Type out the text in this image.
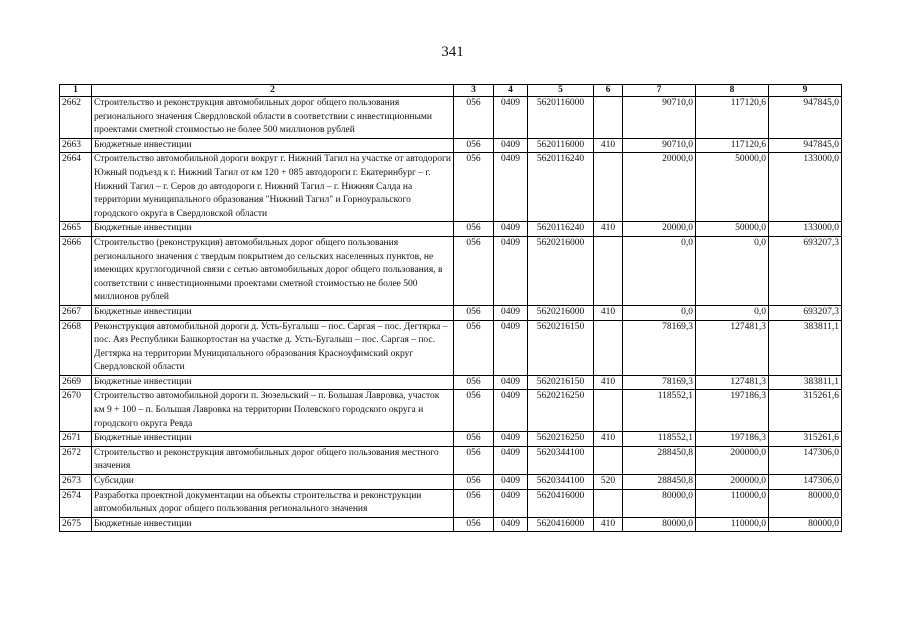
341
1	2	3	4	5	6	7	8	9
2662	Строительство и реконструкция автомобильных дорог общего пользования регионального значения Свердловской области в соответствии с инвестиционными проектами сметной стоимостью не более 500 миллионов рублей	056	0409	5620116000		90710,0	117120,6	947845,0
2663	Бюджетные инвестиции	056	0409	5620116000	410	90710,0	117120,6	947845,0
2664	Строительство автомобильной дороги вокруг г. Нижний Тагил на участке от автодороги Южный подъезд к г. Нижний Тагил от км 120 + 085 автодороги г. Екатеринбург – г. Нижний Тагил – г. Серов до автодороги г. Нижний Тагил – г. Нижняя Салда на территории муниципального образования "Нижний Тагил" и Горноуральского городского округа в Свердловской области	056	0409	5620116240		20000,0	50000,0	133000,0
2665	Бюджетные инвестиции	056	0409	5620116240	410	20000,0	50000,0	133000,0
2666	Строительство (реконструкция) автомобильных дорог общего пользования регионального значения с твердым покрытием до сельских населенных пунктов, не имеющих круглогодичной связи с сетью автомобильных дорог общего пользования, в соответствии с инвестиционными проектами сметной стоимостью не более 500 миллионов рублей	056	0409	5620216000		0,0	0,0	693207,3
2667	Бюджетные инвестиции	056	0409	5620216000	410	0,0	0,0	693207,3
2668	Реконструкция автомобильной дороги д. Усть-Бугалыш – пос. Саргая – пос. Дегтярка – пос. Аяз Республики Башкортостан на участке д. Усть-Бугалыш – пос. Саргая – пос. Дегтярка на территории Муниципального образования Красноуфимский округ Свердловской области	056	0409	5620216150		78169,3	127481,3	383811,1
2669	Бюджетные инвестиции	056	0409	5620216150	410	78169,3	127481,3	383811,1
2670	Строительство автомобильной дороги п. Зюзельский – п. Большая Лавровка, участок км 9 + 100 – п. Большая Лавровка на территории Полевского городского округа и городского округа Ревда	056	0409	5620216250		118552,1	197186,3	315261,6
2671	Бюджетные инвестиции	056	0409	5620216250	410	118552,1	197186,3	315261,6
2672	Строительство и реконструкция автомобильных дорог общего пользования местного значения	056	0409	5620344100		288450,8	200000,0	147306,0
2673	Субсидии	056	0409	5620344100	520	288450,8	200000,0	147306,0
2674	Разработка проектной документации на объекты строительства и реконструкции автомобильных дорог общего пользования регионального значения	056	0409	5620416000		80000,0	110000,0	80000,0
2675	Бюджетные инвестиции	056	0409	5620416000	410	80000,0	110000,0	80000,0
